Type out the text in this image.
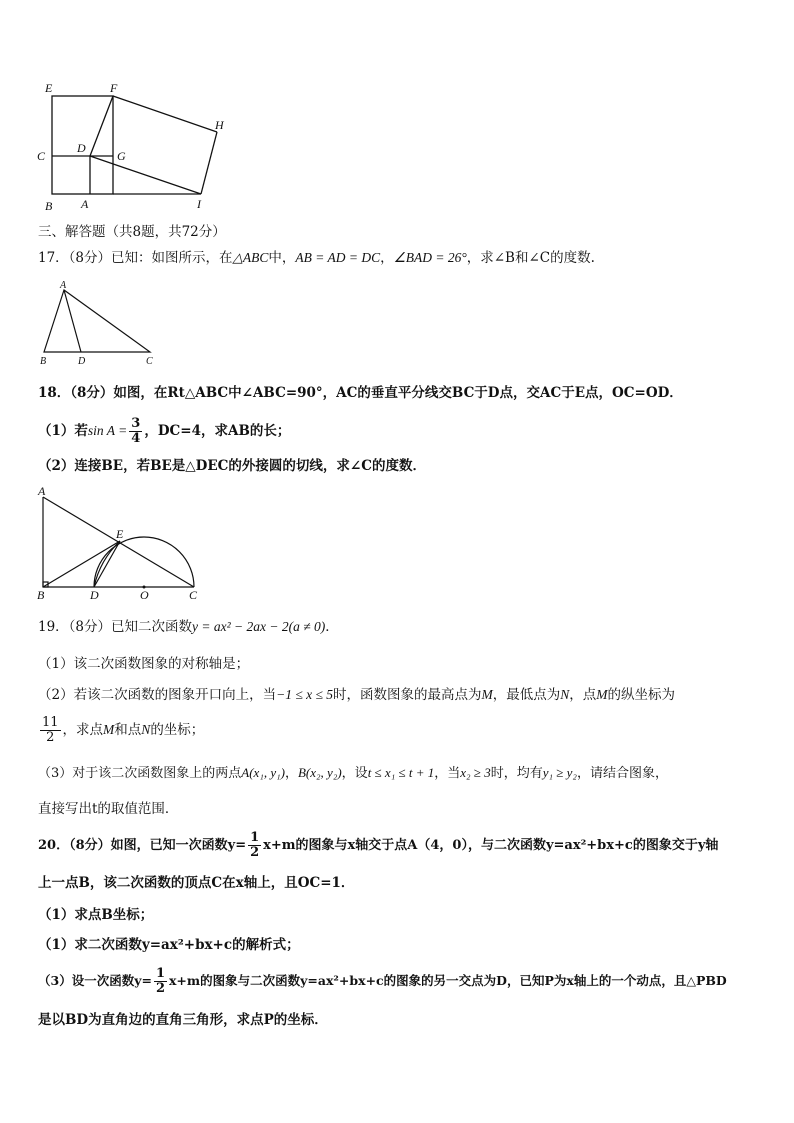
E	F
H
C
D
G
B A	I
三、解答题（共8题，共72分）
17．（8分）已知：如图所示，在△ABC中，AB = AD = DC，∠BAD = 26°，求∠B和∠C的度数.
A
B	D	C
18．（8分）如图，在Rt△ABC中∠ABC=90°，AC的垂直平分线交BC于D点，交AC于E点，OC=OD．
（1）若$\sin A = \frac{3}{4}$ ，DC=4，求AB的长；
（2）连接BE，若BE是△DEC的外接圆的切线，求∠C的度数．
A
E
B	D	O	C
19．（8分）已知二次函数y = ax² − 2ax − 2(a ≠ 0)．
（1）该二次函数图象的对称轴是；
（2）若该二次函数的图象开口向上，当−1 ≤ x ≤ 5时，函数图象的最高点为M，最低点为N，点M的纵坐标为
$\frac{11}{2}$ ，求点M和点N的坐标；
（3）对于该二次函数图象上的两点A(x₁, y₁)，B(x₂, y₂)，设t ≤ x₁ ≤ t + 1，当x₂ ≥ 3时，均有y₁ ≥ y₂，请结合图象，
直接写出t的取值范围．
20．（8分）如图，已知一次函数$y= \frac{1}{2} x+m$的图象与x轴交于点A（4，0），与二次函数y=ax²+bx+c的图象交于y轴
上一点B，该二次函数的顶点C在x轴上，且OC=1．
（1）求点B坐标；
（1）求二次函数y=ax²+bx+c的解析式；
（3）设一次函数$y= \frac{1}{2} x+m$的图象与二次函数y=ax²+bx+c的图象的另一交点为D，已知P为x轴上的一个动点，且△PBD
是以BD为直角边的直角三角形，求点P的坐标．
